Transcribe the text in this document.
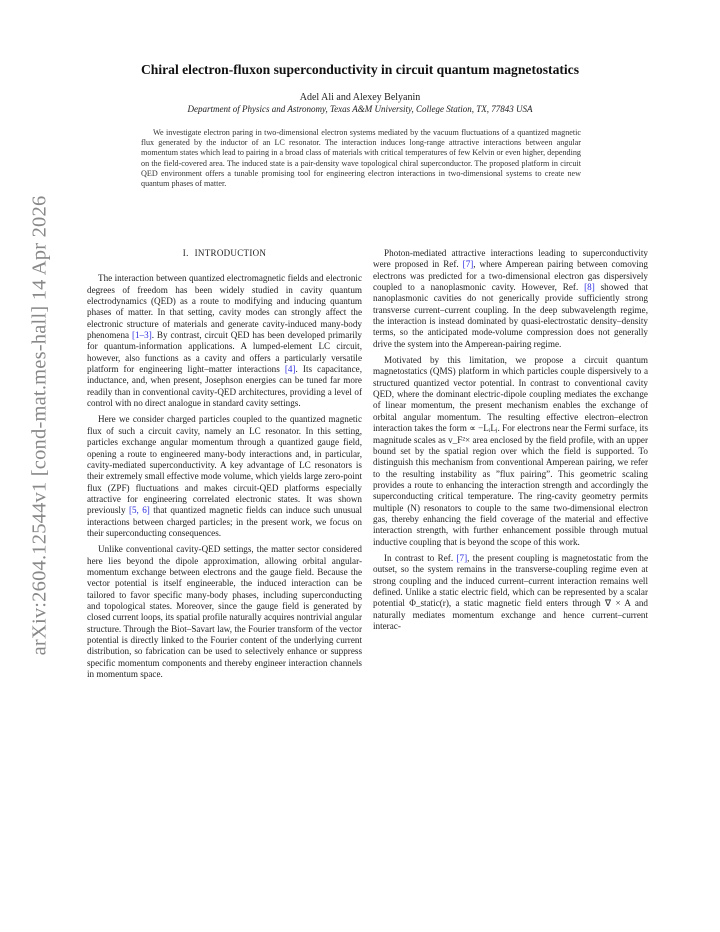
arXiv:2604.12544v1 [cond-mat.mes-hall] 14 Apr 2026
Chiral electron-fluxon superconductivity in circuit quantum magnetostatics
Adel Ali and Alexey Belyanin
Department of Physics and Astronomy, Texas A&M University, College Station, TX, 77843 USA
We investigate electron paring in two-dimensional electron systems mediated by the vacuum fluctuations of a quantized magnetic flux generated by the inductor of an LC resonator. The interaction induces long-range attractive interactions between angular momentum states which lead to pairing in a broad class of materials with critical temperatures of few Kelvin or even higher, depending on the field-covered area. The induced state is a pair-density wave topological chiral superconductor. The proposed platform in circuit QED environment offers a tunable promising tool for engineering electron interactions in two-dimensional systems to create new quantum phases of matter.
I. INTRODUCTION

The interaction between quantized electromagnetic fields and electronic degrees of freedom has been widely studied in cavity quantum electrodynamics (QED) as a route to modifying and inducing quantum phases of matter. In that setting, cavity modes can strongly affect the electronic structure of materials and generate cavity-induced many-body phenomena [1–3]. By contrast, circuit QED has been developed primarily for quantum-information applications. A lumped-element LC circuit, however, also functions as a cavity and offers a particularly versatile platform for engineering light–matter interactions [4]. Its capacitance, inductance, and, when present, Josephson energies can be tuned far more readily than in conventional cavity-QED architectures, providing a level of control with no direct analogue in standard cavity settings.

Here we consider charged particles coupled to the quantized magnetic flux of such a circuit cavity, namely an LC resonator. In this setting, particles exchange angular momentum through a quantized gauge field, opening a route to engineered many-body interactions and, in particular, cavity-mediated superconductivity. A key advantage of LC resonators is their extremely small effective mode volume, which yields large zero-point flux (ZPF) fluctuations and makes circuit-QED platforms especially attractive for engineering correlated electronic states. It was shown previously [5, 6] that quantized magnetic fields can induce such unusual interactions between charged particles; in the present work, we focus on their superconducting consequences.

Unlike conventional cavity-QED settings, the matter sector considered here lies beyond the dipole approximation, allowing orbital angular-momentum exchange between electrons and the gauge field. Because the vector potential is itself engineerable, the induced interaction can be tailored to favor specific many-body phases, including superconducting and topological states. Moreover, since the gauge field is generated by closed current loops, its spatial profile naturally acquires nontrivial angular structure. Through the Biot–Savart law, the Fourier transform of the vector potential is directly linked to the Fourier content of the underlying current distribution, so fabrication can be used to selectively enhance or suppress specific momentum components and thereby engineer interaction channels in momentum space.

Photon-mediated attractive interactions leading to superconductivity were proposed in Ref. [7], where Amperean pairing between comoving electrons was predicted for a two-dimensional electron gas dispersively coupled to a nanoplasmonic cavity. However, Ref. [8] showed that nanoplasmonic cavities do not generically provide sufficiently strong transverse current–current coupling. In the deep subwavelength regime, the interaction is instead dominated by quasi-electrostatic density–density terms, so the anticipated mode-volume compression does not generally drive the system into the Amperean-pairing regime.

Motivated by this limitation, we propose a circuit quantum magnetostatics (QMS) platform in which particles couple dispersively to a structured quantized vector potential. In contrast to conventional cavity QED, where the dominant electric-dipole coupling mediates the exchange of linear momentum, the present mechanism enables the exchange of orbital angular momentum. The resulting effective electron–electron interaction takes the form ∝ −LᵢLⱼ. For electrons near the Fermi surface, its magnitude scales as v_F²× area enclosed by the field profile, with an upper bound set by the spatial region over which the field is supported. To distinguish this mechanism from conventional Amperean pairing, we refer to the resulting instability as ”flux pairing”. This geometric scaling provides a route to enhancing the interaction strength and accordingly the superconducting critical temperature. The ring-cavity geometry permits multiple (N) resonators to couple to the same two-dimensional electron gas, thereby enhancing the field coverage of the material and effective interaction strength, with further enhancement possible through mutual inductive coupling that is beyond the scope of this work.

In contrast to Ref. [7], the present coupling is magnetostatic from the outset, so the system remains in the transverse-coupling regime even at strong coupling and the induced current–current interaction remains well defined. Unlike a static electric field, which can be represented by a scalar potential Φ_static(r), a static magnetic field enters through ∇ × A and naturally mediates momentum exchange and hence current–current interac-
